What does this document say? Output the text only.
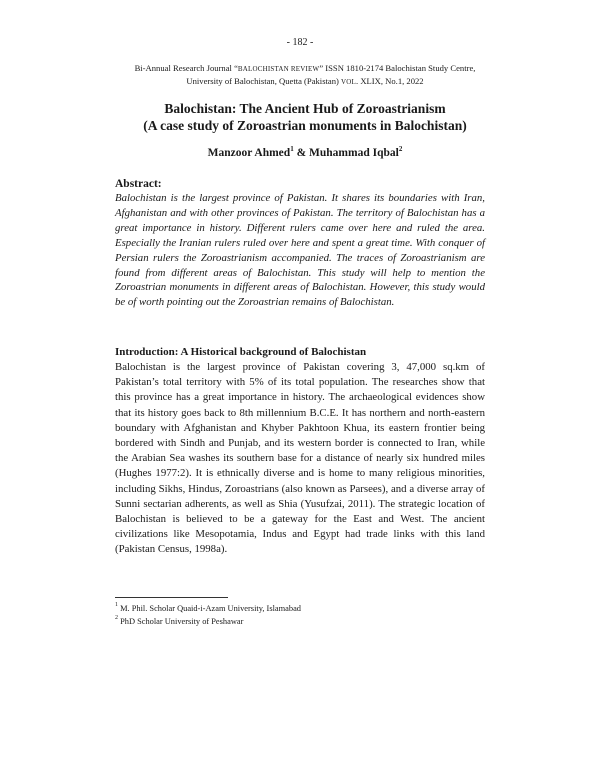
- 182 -
Bi-Annual Research Journal “BALOCHISTAN REVIEW” ISSN 1810-2174 Balochistan Study Centre,
University of Balochistan, Quetta (Pakistan) VOL. XLIX, No.1, 2022
Balochistan: The Ancient Hub of Zoroastrianism
(A case study of Zoroastrian monuments in Balochistan)
Manzoor Ahmed$^1$ & Muhammad Iqbal$^2$
Abstract:
Balochistan is the largest province of Pakistan. It shares its boundaries with Iran, Afghanistan and with other provinces of Pakistan. The territory of Balochistan has a great importance in history. Different rulers came over here and ruled the area. Especially the Iranian rulers ruled over here and spent a great time. With conquer of Persian rulers the Zoroastrianism accompanied. The traces of Zoroastrianism are found from different areas of Balochistan. This study will help to mention the Zoroastrian monuments in different areas of Balochistan. However, this study would be of worth pointing out the Zoroastrian remains of Balochistan.
Introduction: A Historical background of Balochistan
Balochistan is the largest province of Pakistan covering 3, 47,000 sq.km of Pakistan’s total territory with 5% of its total population. The researches show that this province has a great importance in history. The archaeological evidences show that its history goes back to 8th millennium B.C.E. It has northern and north-eastern boundary with Afghanistan and Khyber Pakhtoon Khua, its eastern frontier being bordered with Sindh and Punjab, and its western border is connected to Iran, while the Arabian Sea washes its southern base for a distance of nearly six hundred miles (Hughes 1977:2). It is ethnically diverse and is home to many religious minorities, including Sikhs, Hindus, Zoroastrians (also known as Parsees), and a diverse array of Sunni sectarian adherents, as well as Shia (Yusufzai, 2011). The strategic location of Balochistan is believed to be a gateway for the East and West. The ancient civilizations like Mesopotamia, Indus and Egypt had trade links with this land (Pakistan Census, 1998a).
$^1$ M. Phil. Scholar Quaid-i-Azam University, Islamabad
$^2$ PhD Scholar University of Peshawar
